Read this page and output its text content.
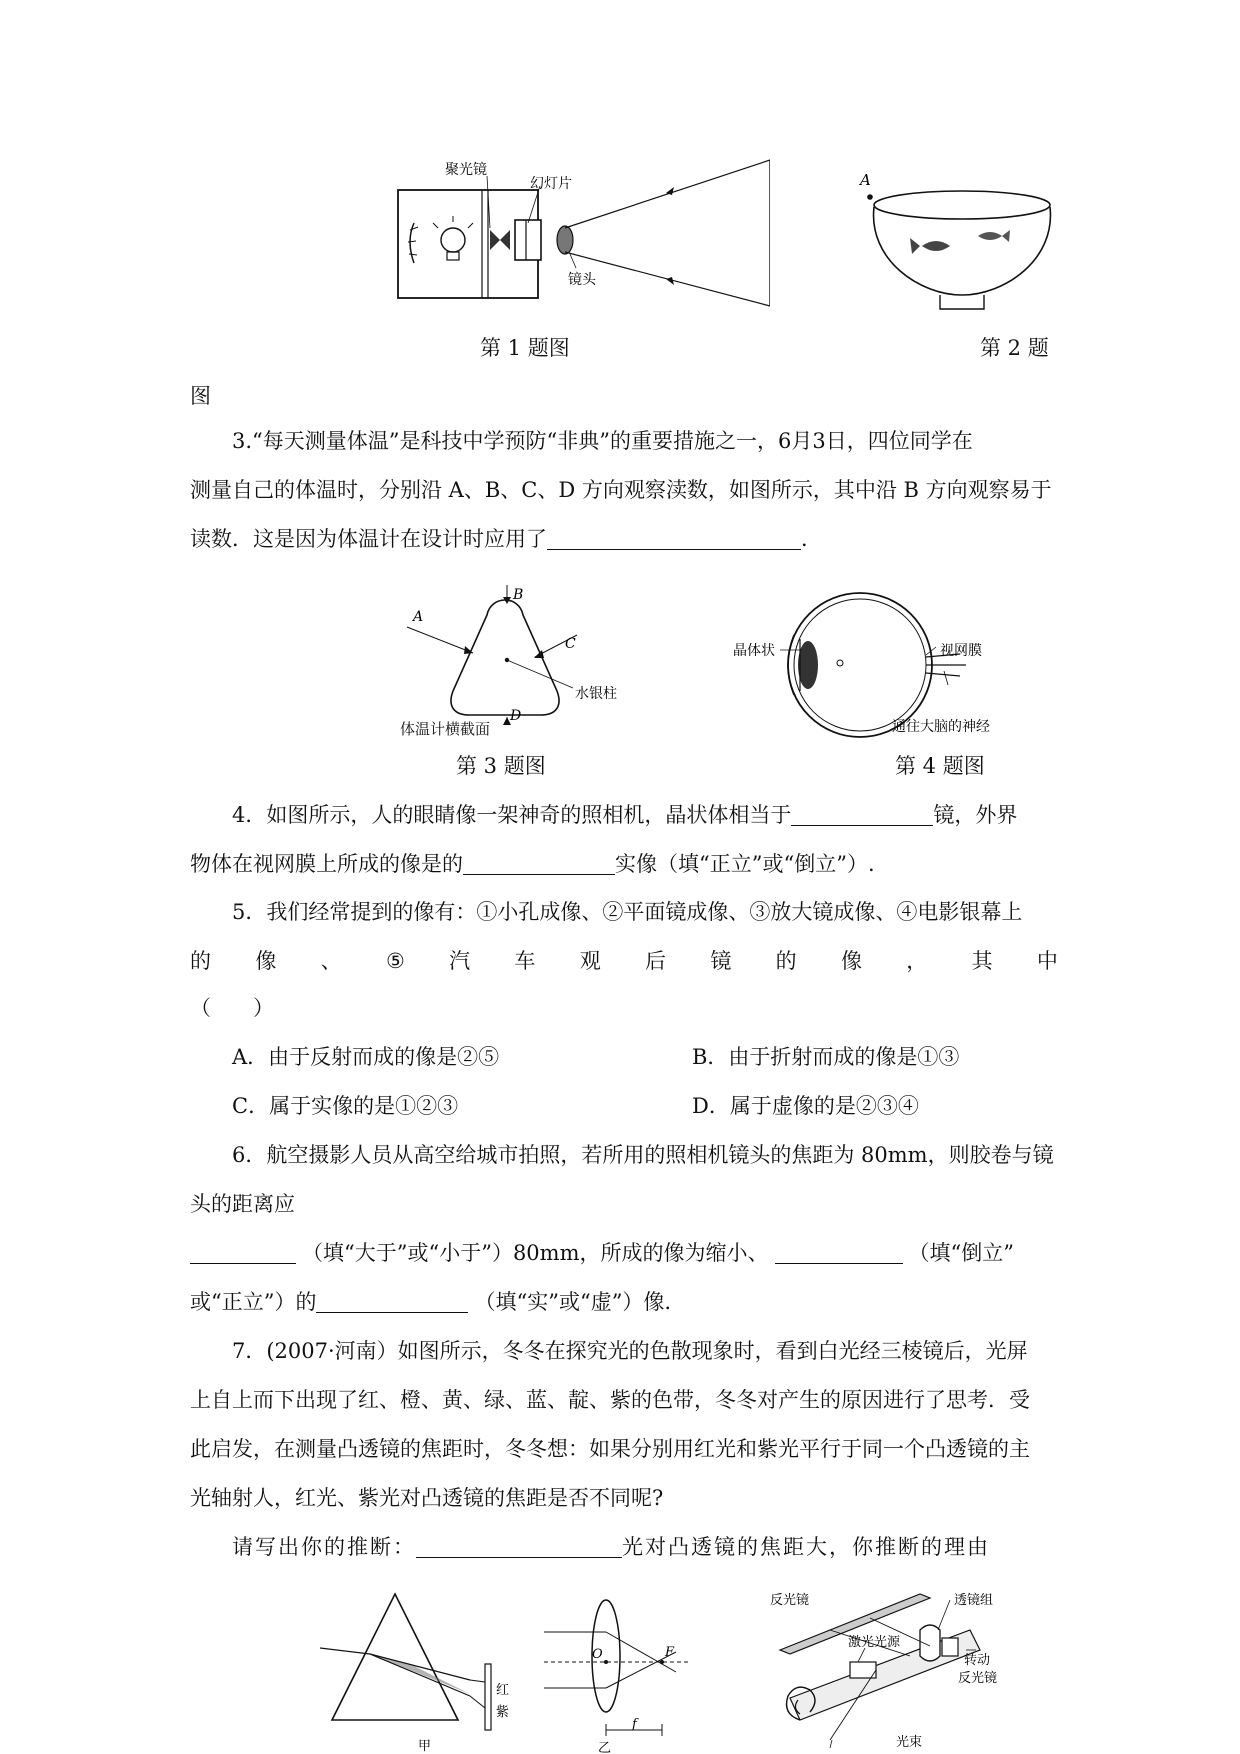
聚光镜
幻灯片
镜头
A
第 1 题图	第 2 题
图
3.“每天测量体温”是科技中学预防“非典”的重要措施之一，6月3日，四位同学在
测量自己的体温时，分别沿 A、B、C、D 方向观察渎数，如图所示，其中沿 B 方向观察易于
读数．这是因为体温计在设计时应用了	．
B
A
D
C
水银柱
体温计横截面
第 3 题图
晶体状	视网膜
通往大脑的神经
第 4 题图
4．如图所示，人的眼睛像一架神奇的照相机，晶状体相当于	镜，外界
物体在视网膜上所成的像是的	实像（填“正立”或“倒立”）.
5．我们经常提到的像有：①小孔成像、②平面镜成像、③放大镜成像、④电影银幕上
的 像 、 ⑤ 汽 车 观 后 镜 的 像 ， 其 中
（　　）
A．由于反射而成的像是②⑤	B．由于折射而成的像是①③
C．属于实像的是①②③	D．属于虚像的是②③④
6．航空摄影人员从高空给城市拍照，若所用的照相机镜头的焦距为 80mm，则胶卷与镜
头的距离应
（填“大于”或“小于”）80mm，所成的像为缩小、	（填“倒立”
或“正立”）的	（填“实”或“虚”）像.
7．(2007·河南）如图所示，冬冬在探究光的色散现象时，看到白光经三棱镜后，光屏
上自上而下出现了红、橙、黄、绿、蓝、靛、紫的色带，冬冬对产生的原因进行了思考．受
此启发，在测量凸透镜的焦距时，冬冬想：如果分别用红光和紫光平行于同一个凸透镜的主
光轴射人，红光、紫光对凸透镜的焦距是否不同呢?
请写出你的推断：	光对凸透镜的焦距大，你推断的理由
红
紫
甲
O	F
f
乙
反光镜	透镜组
激光光源
转动
反光镜
光束
